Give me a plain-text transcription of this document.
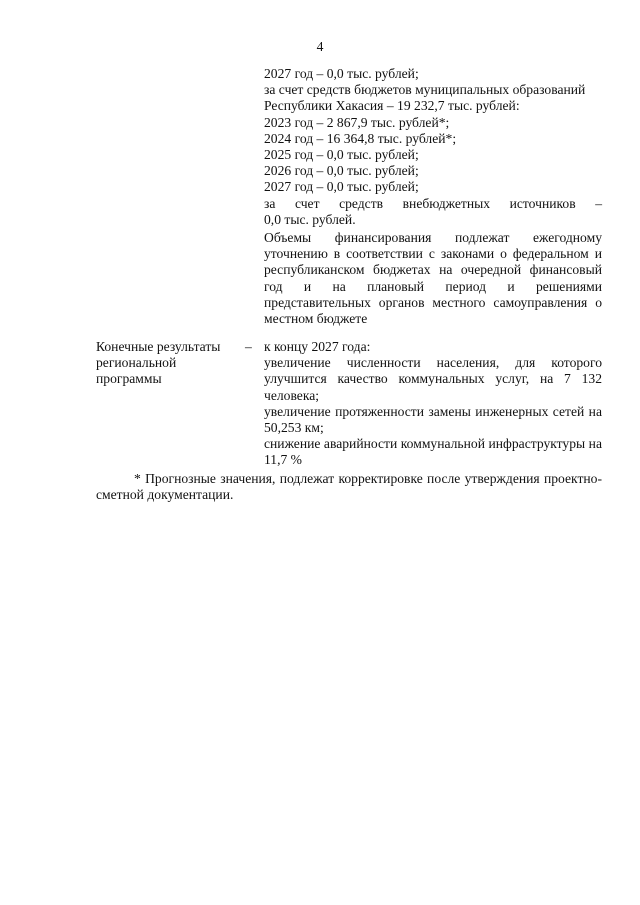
4
2027 год – 0,0 тыс. рублей;
за счет средств бюджетов муниципальных образований
Республики Хакасия – 19 232,7 тыс. рублей:
2023 год – 2 867,9 тыс. рублей*;
2024 год – 16 364,8 тыс. рублей*;
2025 год – 0,0 тыс. рублей;
2026 год – 0,0 тыс. рублей;
2027 год – 0,0 тыс. рублей;
за счет средств внебюджетных источников –
0,0 тыс. рублей.
Объемы финансирования подлежат ежегодному уточнению в соответствии с законами о федеральном и республиканском бюджетах на очередной финансовый год и на плановый период и решениями представительных органов местного самоуправления о местном бюджете
Конечные результаты
региональной
программы
– к концу 2027 года:
увеличение численности населения, для которого улучшится качество коммунальных услуг, на 7 132 человека;
увеличение протяженности замены инженерных сетей на 50,253 км;
снижение аварийности коммунальной инфраструктуры на 11,7 %
* Прогнозные значения, подлежат корректировке после утверждения проектно-сметной документации.
